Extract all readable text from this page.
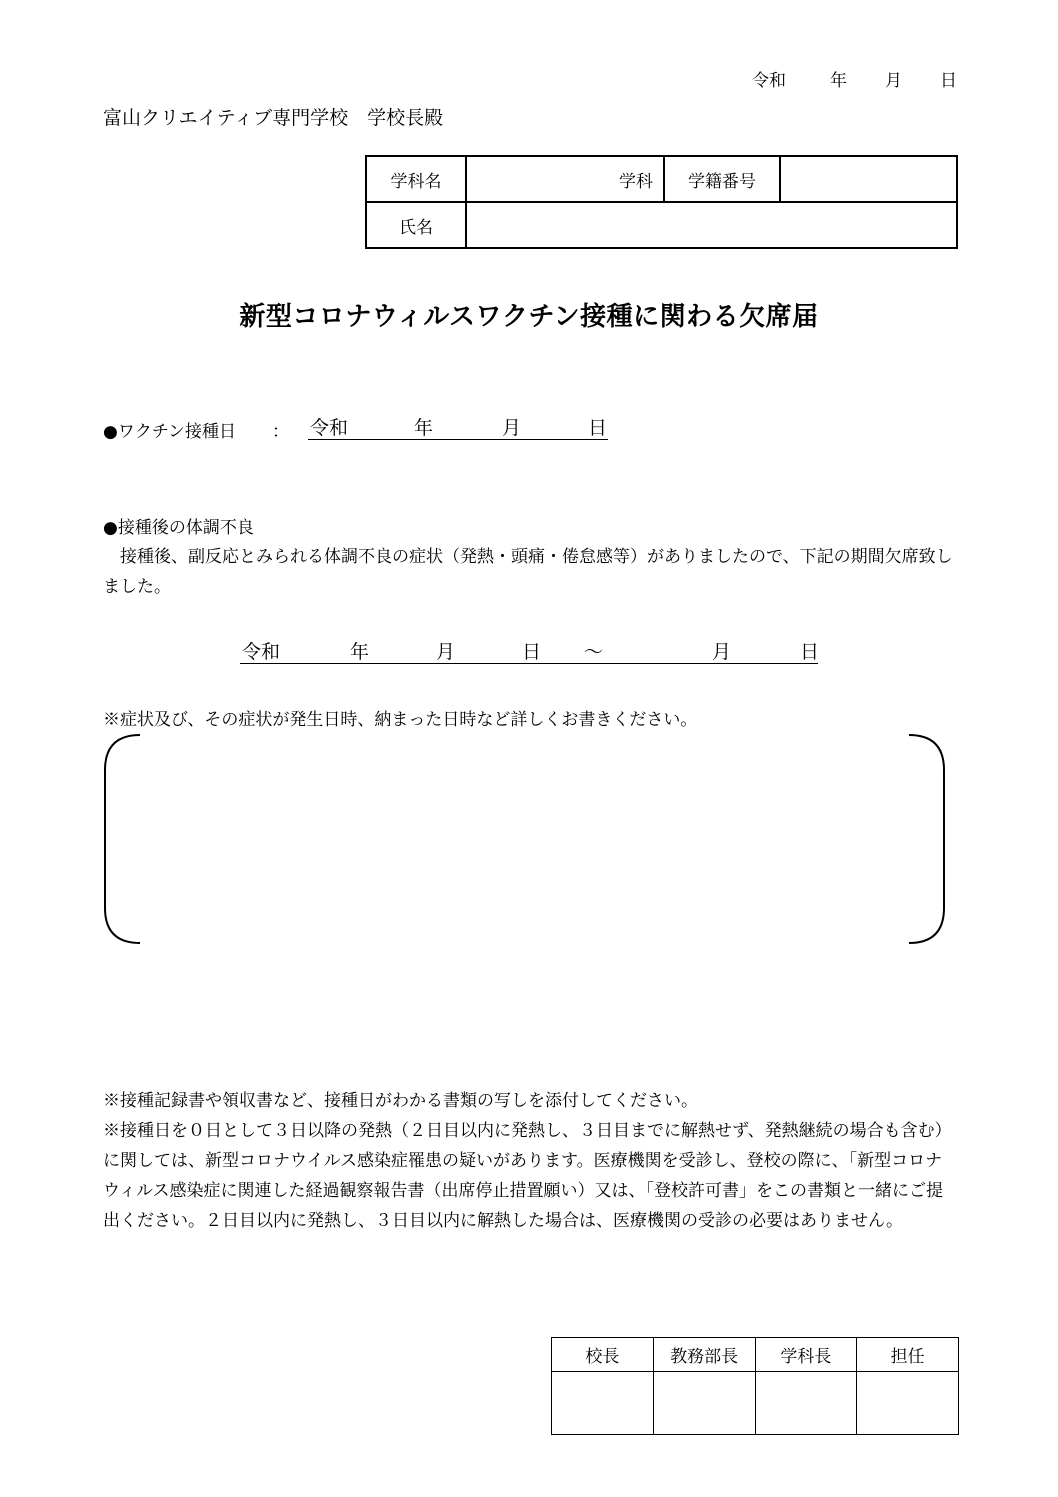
令和	年 月 日
富山クリエイティブ専門学校　学校長殿
学科名	学科	学籍番号	
氏名			
新型コロナウィルスワクチン接種に関わる欠席届
●ワクチン接種日 ： 令和	年	月	日
●接種後の体調不良
接種後、副反応とみられる体調不良の症状（発熱・頭痛・倦怠感等）がありましたので、下記の期間欠席致しました。
令和	年	月	日 ～	月	日
※症状及び、その症状が発生日時、納まった日時など詳しくお書きください。

※接種記録書や領収書など、接種日がわかる書類の写しを添付してください。

※接種日を０日として３日以降の発熱（２日目以内に発熱し、３日目までに解熱せず、発熱継続の場合も含む）に関しては、新型コロナウイルス感染症罹患の疑いがあります。医療機関を受診し、登校の際に、「新型コロナウィルス感染症に関連した経過観察報告書（出席停止措置願い）又は、「登校許可書」をこの書類と一緒にご提出ください。２日目以内に発熱し、３日目以内に解熱した場合は、医療機関の受診の必要はありません。

校長	教務部長	学科長	担任
